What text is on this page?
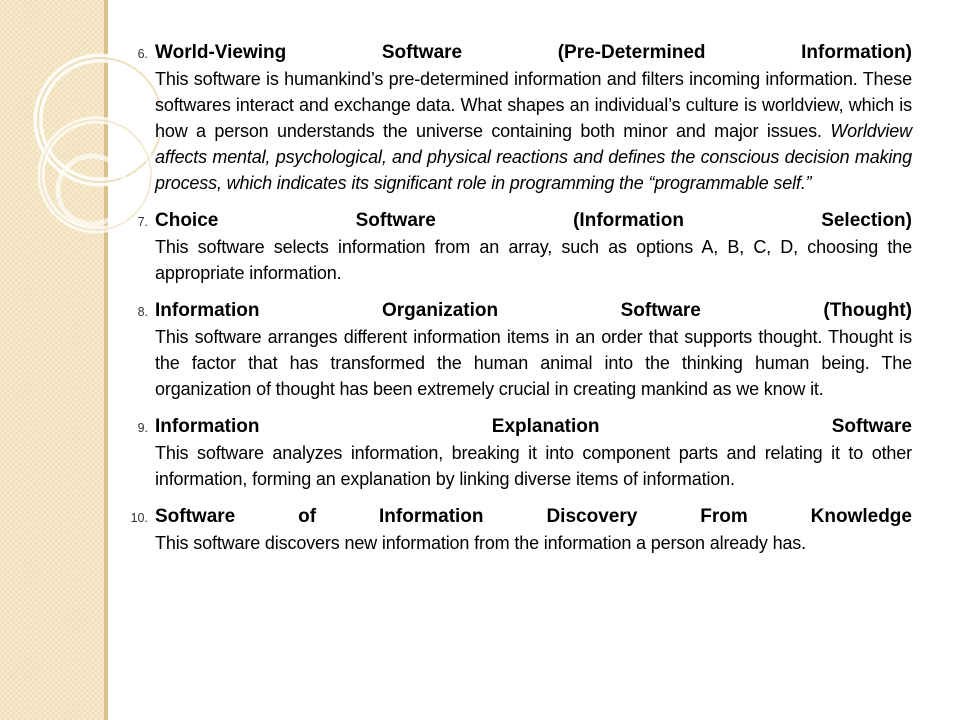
6. World-Viewing	Software	(Pre-Determined	Information)
This software is humankind’s pre-determined information and filters incoming information. These softwares interact and exchange data. What shapes an individual’s culture is worldview, which is how a person understands the universe containing both minor and major issues. Worldview affects mental, psychological, and physical reactions and defines the conscious decision making process, which indicates its significant role in programming the “programmable self.”
7. Choice	Software	(Information	Selection)
This software selects information from an array, such as options A, B, C, D, choosing the appropriate information.
8. Information	Organization	Software	(Thought)
This software arranges different information items in an order that supports thought. Thought is the factor that has transformed the human animal into the thinking human being. The organization of thought has been extremely crucial in creating mankind as we know it.
9. Information	Explanation	Software
This software analyzes information, breaking it into component parts and relating it to other information, forming an explanation by linking diverse items of information.
10. Software	of	Information	Discovery	From	Knowledge
This software discovers new information from the information a person already has.
